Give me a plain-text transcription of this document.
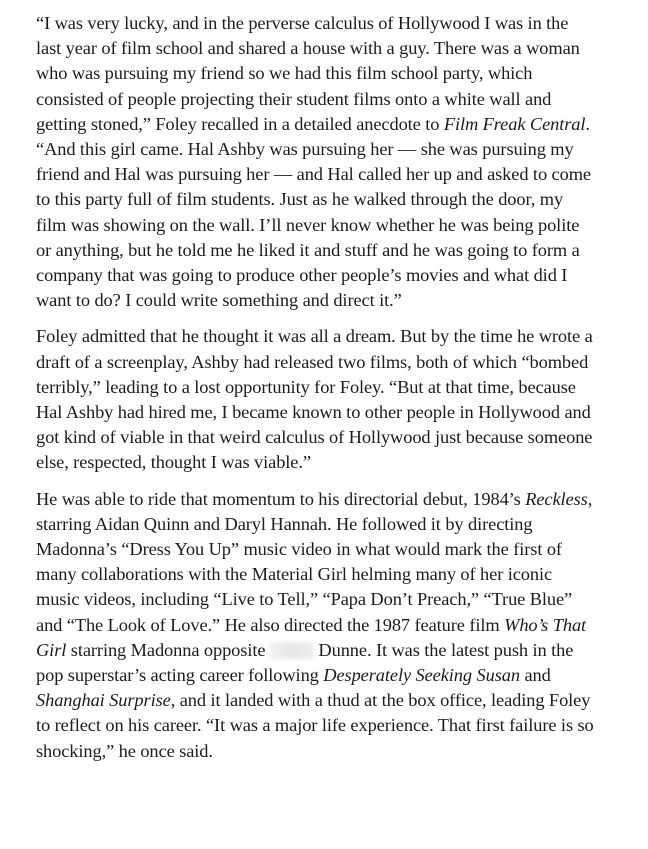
“I was very lucky, and in the perverse calculus of Hollywood I was in the last year of film school and shared a house with a guy. There was a woman who was pursuing my friend so we had this film school party, which consisted of people projecting their student films onto a white wall and getting stoned,” Foley recalled in a detailed anecdote to Film Freak Central. “And this girl came. Hal Ashby was pursuing her — she was pursuing my friend and Hal was pursuing her — and Hal called her up and asked to come to this party full of film students. Just as he walked through the door, my film was showing on the wall. I’ll never know whether he was being polite or anything, but he told me he liked it and stuff and he was going to form a company that was going to produce other people’s movies and what did I want to do? I could write something and direct it.”

Foley admitted that he thought it was all a dream. But by the time he wrote a draft of a screenplay, Ashby had released two films, both of which “bombed terribly,” leading to a lost opportunity for Foley. “But at that time, because Hal Ashby had hired me, I became known to other people in Hollywood and got kind of viable in that weird calculus of Hollywood just because someone else, respected, thought I was viable.”

He was able to ride that momentum to his directorial debut, 1984’s Reckless, starring Aidan Quinn and Daryl Hannah. He followed it by directing Madonna’s “Dress You Up” music video in what would mark the first of many collaborations with the Material Girl helming many of her iconic music videos, including “Live to Tell,” “Papa Don’t Preach,” “True Blue” and “The Look of Love.” He also directed the 1987 feature film Who’s That Girl starring Madonna opposite  Dunne. It was the latest push in the pop superstar’s acting career following Desperately Seeking Susan and Shanghai Surprise, and it landed with a thud at the box office, leading Foley to reflect on his career. “It was a major life experience. That first failure is so shocking,” he once said.
